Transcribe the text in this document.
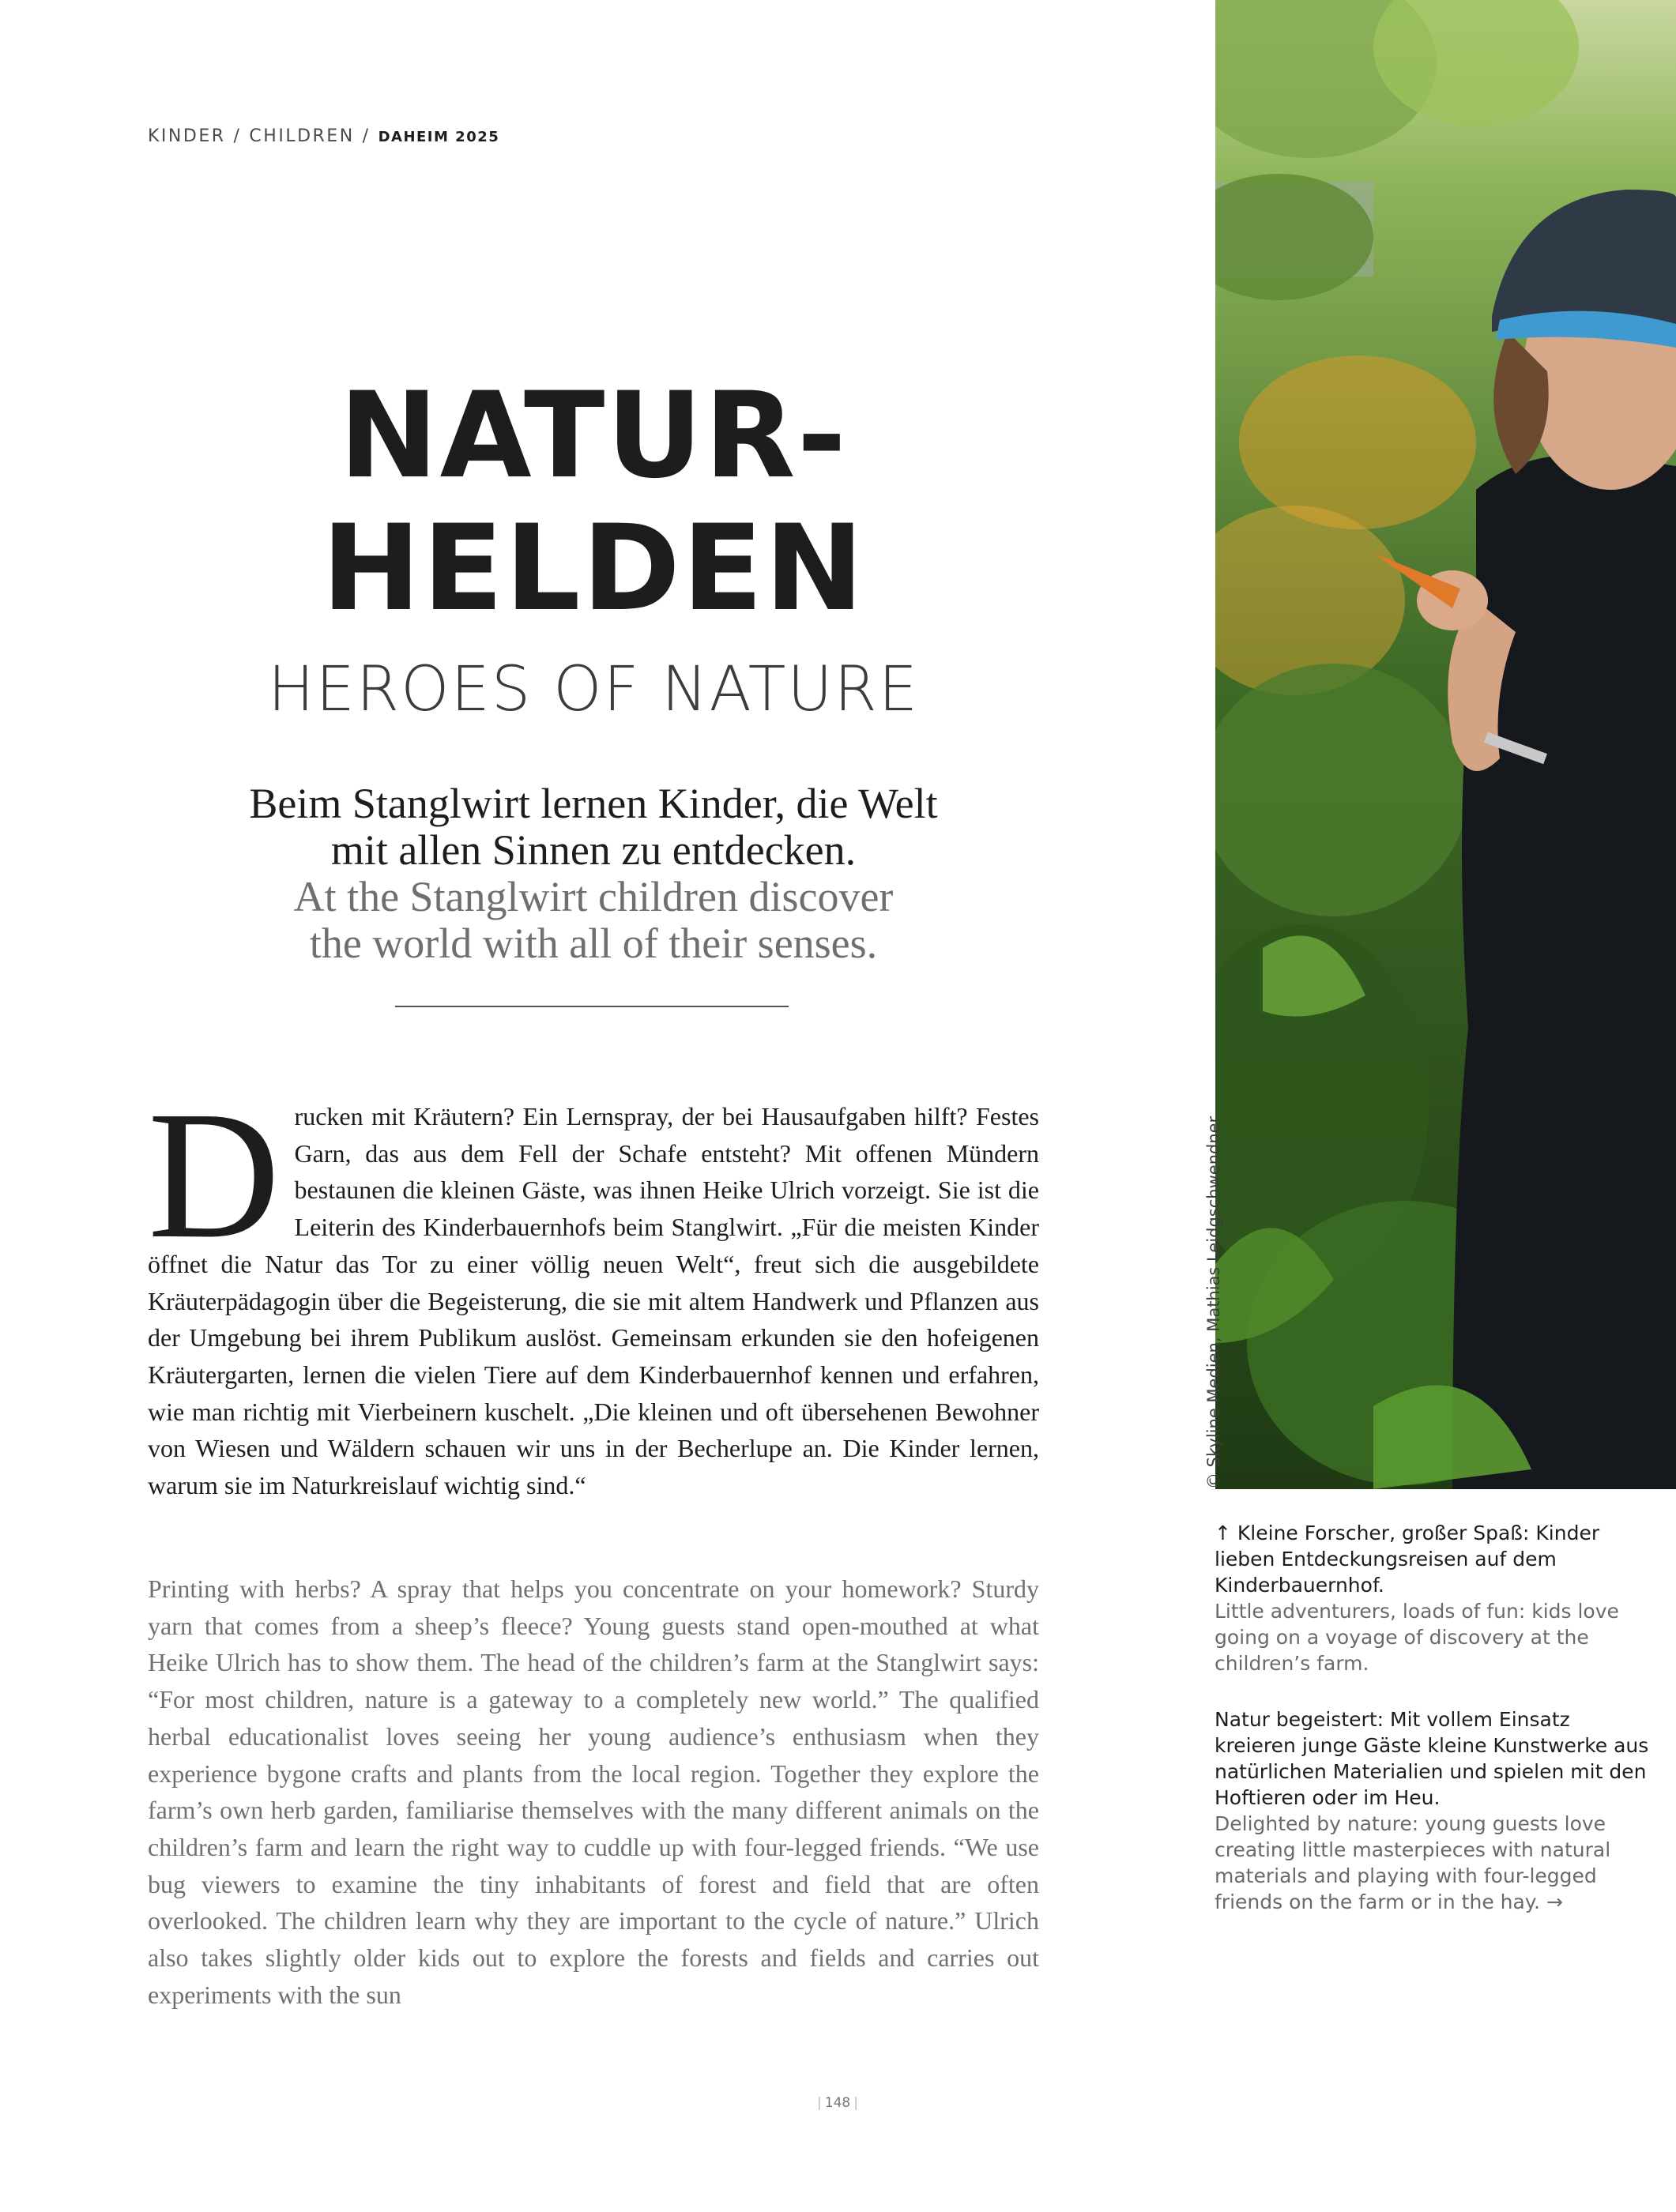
KINDER / CHILDREN / DAHEIM 2025
NATUR-
HELDEN
HEROES OF NATURE
Beim Stanglwirt lernen Kinder, die Welt
mit allen Sinnen zu entdecken.
At the Stanglwirt children discover
the world with all of their senses.
Drucken mit Kräutern? Ein Lernspray, der bei Hausaufgaben hilft? Festes Garn, das aus dem Fell der Schafe entsteht? Mit offenen Mündern bestaunen die kleinen Gäste, was ihnen Heike Ulrich vorzeigt. Sie ist die Leiterin des Kinderbauernhofs beim Stanglwirt. „Für die meisten Kinder öffnet die Natur das Tor zu einer völlig neuen Welt“, freut sich die ausgebildete Kräuterpädagogin über die Begeisterung, die sie mit altem Handwerk und Pflanzen aus der Umgebung bei ihrem Publikum auslöst. Gemeinsam erkunden sie den hofeigenen Kräutergarten, lernen die vielen Tiere auf dem Kinderbauernhof kennen und erfahren, wie man richtig mit Vierbeinern kuschelt. „Die kleinen und oft übersehenen Bewohner von Wiesen und Wäldern schauen wir uns in der Becherlupe an. Die Kinder lernen, warum sie im Naturkreislauf wichtig sind.“
Printing with herbs? A spray that helps you concentrate on your homework? Sturdy yarn that comes from a sheep’s fleece? Young guests stand open-mouthed at what Heike Ulrich has to show them. The head of the children’s farm at the Stanglwirt says: “For most children, nature is a gateway to a completely new world.” The qualified herbal educationalist loves seeing her young audience’s enthusiasm when they experience bygone crafts and plants from the local region. Together they explore the farm’s own herb garden, familiarise themselves with the many different animals on the children’s farm and learn the right way to cuddle up with four-legged friends. “We use bug viewers to examine the tiny inhabitants of forest and field that are often overlooked. The children learn why they are important to the cycle of nature.” Ulrich also takes slightly older kids out to explore the forests and fields and carries out experiments with the sun
© Skyline Medien, Mathias Leidgschwendner
↑ Kleine Forscher, großer Spaß: Kinder lieben Entdeckungsreisen auf dem Kinderbauernhof.
Little adventurers, loads of fun: kids love going on a voyage of discovery at the children’s farm.
Natur begeistert: Mit vollem Einsatz kreieren junge Gäste kleine Kunstwerke aus natürlichen Materialien und spielen mit den Hoftieren oder im Heu.
Delighted by nature: young guests love creating little masterpieces with natural materials and playing with four-legged friends on the farm or in the hay. →
| 148 |
